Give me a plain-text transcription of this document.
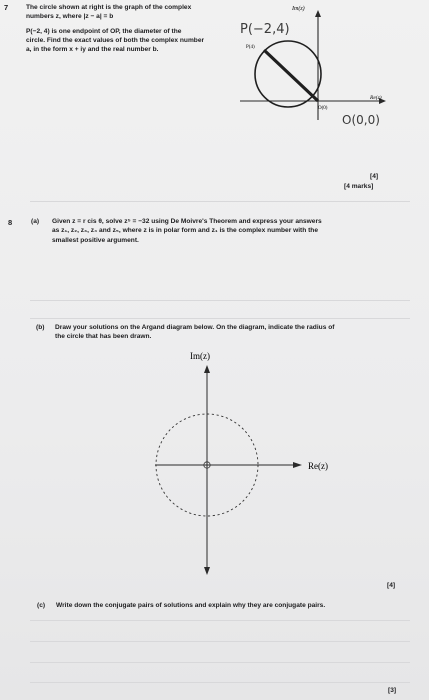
7	The circle shown at right is the graph of the complex
numbers z, where |z − a| = b
P(−2, 4) is one endpoint of OP, the diameter of the
circle. Find the exact values of both the complex number
a, in the form x + iy and the real number b.
P(−2,4)
Im(z)
Re(z)
P(4)
O(0)
O(0,0)
[4]
[4 marks]
8	(a) Given z = r cis θ, solve z⁵ = −32 using De Moivre's Theorem and express your answers
as z₁, z₂, z₃, z₄ and z₅, where z is in polar form and z₁ is the complex number with the
smallest positive argument.
(b) Draw your solutions on the Argand diagram below. On the diagram, indicate the radius of
the circle that has been drawn.
Im(z)
Re(z)
[4]
(c) Write down the conjugate pairs of solutions and explain why they are conjugate pairs.
[3]
